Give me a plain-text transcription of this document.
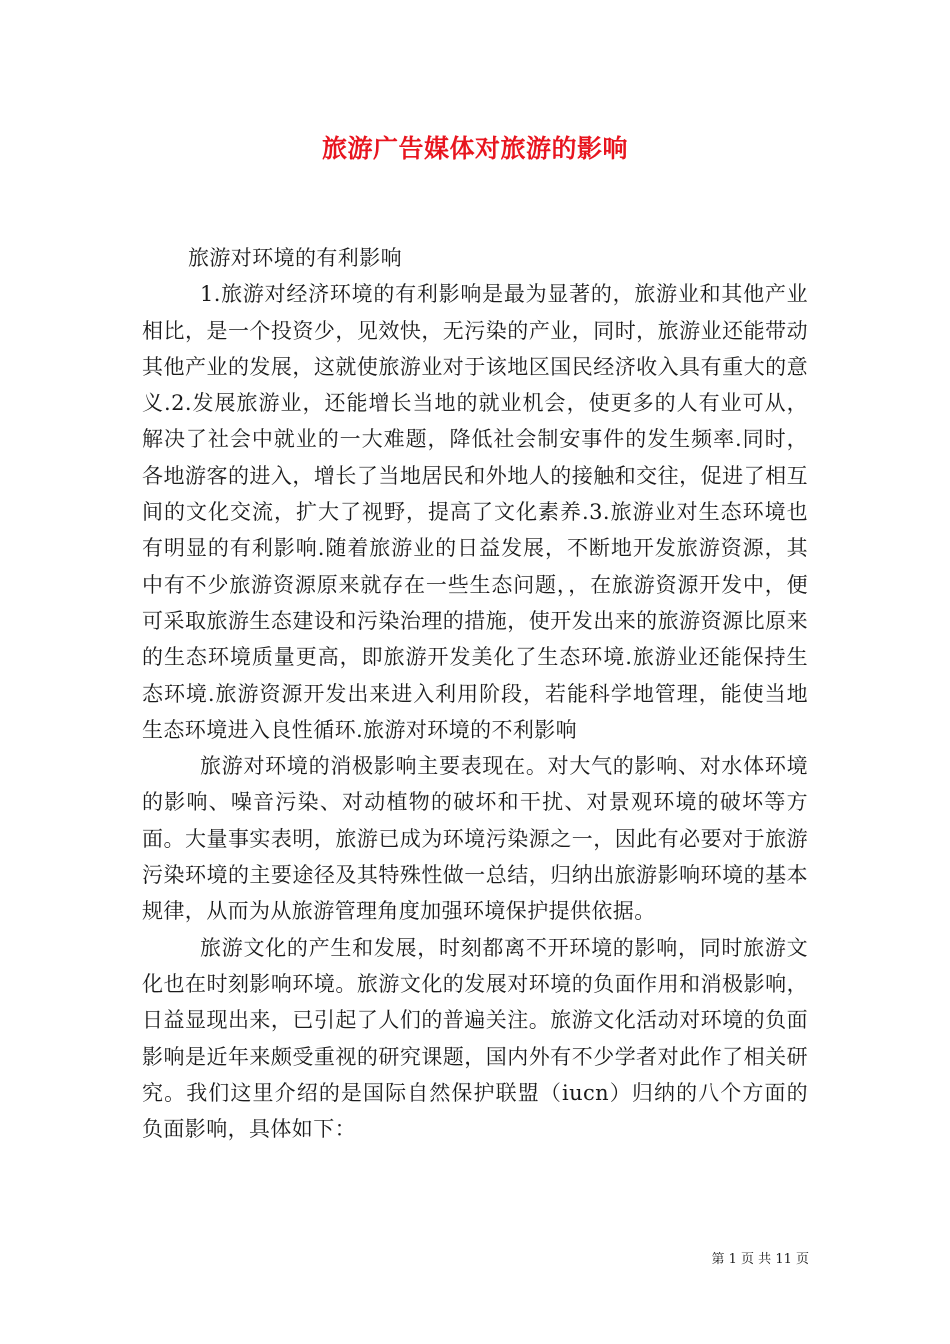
旅游广告媒体对旅游的影响

旅游对环境的有利影响

1.旅游对经济环境的有利影响是最为显著的，旅游业和其他产业相比，是一个投资少，见效快，无污染的产业，同时，旅游业还能带动其他产业的发展，这就使旅游业对于该地区国民经济收入具有重大的意义.2.发展旅游业，还能增长当地的就业机会，使更多的人有业可从，解决了社会中就业的一大难题，降低社会制安事件的发生频率.同时，各地游客的进入，增长了当地居民和外地人的接触和交往，促进了相互间的文化交流，扩大了视野，提高了文化素养.3.旅游业对生态环境也有明显的有利影响.随着旅游业的日益发展，不断地开发旅游资源，其中有不少旅游资源原来就存在一些生态问题，，在旅游资源开发中，便可采取旅游生态建设和污染治理的措施，使开发出来的旅游资源比原来的生态环境质量更高，即旅游开发美化了生态环境.旅游业还能保持生态环境.旅游资源开发出来进入利用阶段，若能科学地管理，能使当地生态环境进入良性循环.旅游对环境的不利影响

旅游对环境的消极影响主要表现在。对大气的影响、对水体环境的影响、噪音污染、对动植物的破坏和干扰、对景观环境的破坏等方面。大量事实表明，旅游已成为环境污染源之一，因此有必要对于旅游污染环境的主要途径及其特殊性做一总结，归纳出旅游影响环境的基本规律，从而为从旅游管理角度加强环境保护提供依据。

旅游文化的产生和发展，时刻都离不开环境的影响，同时旅游文化也在时刻影响环境。旅游文化的发展对环境的负面作用和消极影响，日益显现出来，已引起了人们的普遍关注。旅游文化活动对环境的负面影响是近年来颇受重视的研究课题，国内外有不少学者对此作了相关研究。我们这里介绍的是国际自然保护联盟（iucn）归纳的八个方面的负面影响，具体如下：

第 1 页 共 11 页
